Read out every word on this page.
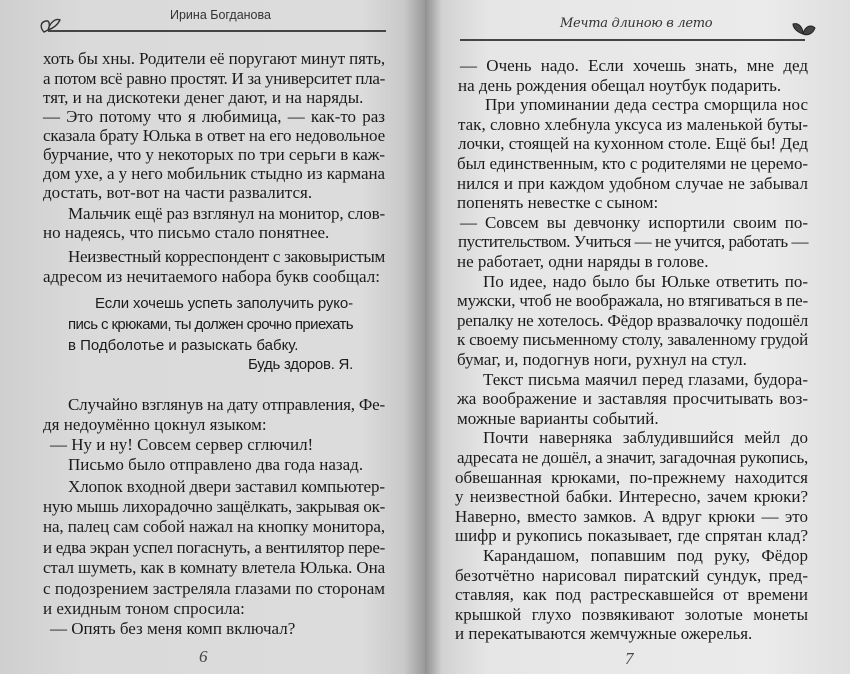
Ирина Богданова
хоть бы хны. Родители её поругают минут пять,
а потом всё равно простят. И за университет пла-
тят, и на дискотеки денег дают, и на наряды.
— Это потому что я любимица, — как-то раз
сказала брату Юлька в ответ на его недовольное
бурчание, что у некоторых по три серьги в каж-
дом ухе, а у него мобильник стыдно из кармана
достать, вот-вот на части развалится.
Мальчик ещё раз взглянул на монитор, слов-
но надеясь, что письмо стало понятнее.
Неизвестный корреспондент с заковыристым
адресом из нечитаемого набора букв сообщал:
Если хочешь успеть заполучить руко-
пись с крюками, ты должен срочно приехать
в Подболотье и разыскать бабку.
Будь здоров. Я.
Случайно взглянув на дату отправления, Фе-
дя недоумённо цокнул языком:
— Ну и ну! Совсем сервер сглючил!
Письмо было отправлено два года назад.
Хлопок входной двери заставил компьютер-
ную мышь лихорадочно защёлкать, закрывая ок-
на, палец сам собой нажал на кнопку монитора,
и едва экран успел погаснуть, а вентилятор пере-
стал шуметь, как в комнату влетела Юлька. Она
с подозрением застреляла глазами по сторонам
и ехидным тоном спросила:
— Опять без меня комп включал?
6
Мечта длиною в лето
— Очень надо. Если хочешь знать, мне дед
на день рождения обещал ноутбук подарить.
При упоминании деда сестра сморщила нос
так, словно хлебнула уксуса из маленькой буты-
лочки, стоящей на кухонном столе. Ещё бы! Дед
был единственным, кто с родителями не церемо-
нился и при каждом удобном случае не забывал
попенять невестке с сыном:
— Совсем вы девчонку испортили своим по-
пустительством. Учиться — не учится, работать —
не работает, одни наряды в голове.
По идее, надо было бы Юльке ответить по-
мужски, чтоб не воображала, но втягиваться в пе-
репалку не хотелось. Фёдор вразвалочку подошёл
к своему письменному столу, заваленному грудой
бумаг, и, подогнув ноги, рухнул на стул.
Текст письма маячил перед глазами, будора-
жа воображение и заставляя просчитывать воз-
можные варианты событий.
Почти наверняка заблудившийся мейл до
адресата не дошёл, а значит, загадочная рукопись,
обвешанная крюками, по-прежнему находится
у неизвестной бабки. Интересно, зачем крюки?
Наверно, вместо замков. А вдруг крюки — это
шифр и рукопись показывает, где спрятан клад?
Карандашом, попавшим под руку, Фёдор
безотчётно нарисовал пиратский сундук, пред-
ставляя, как под растрескавшейся от времени
крышкой глухо позвякивают золотые монеты
и перекатываются жемчужные ожерелья.
7
